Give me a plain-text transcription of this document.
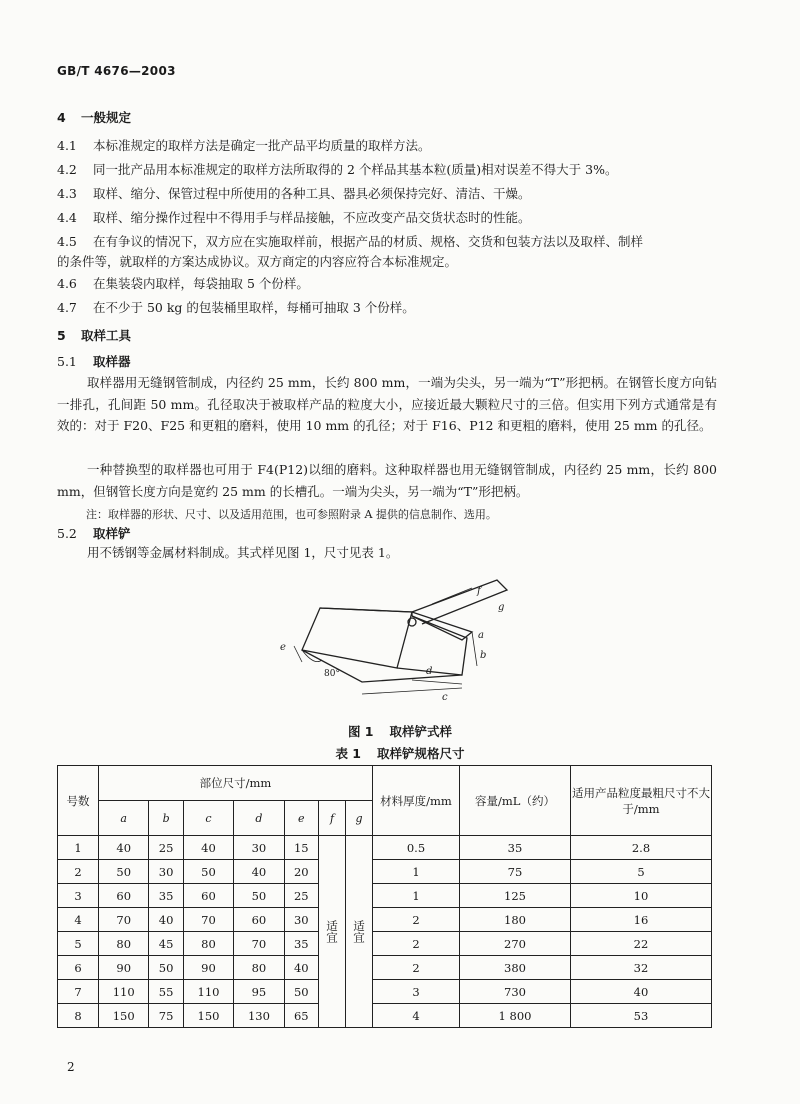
GB/T 4676—2003
4 一般规定
4.1 本标准规定的取样方法是确定一批产品平均质量的取样方法。
4.2 同一批产品用本标准规定的取样方法所取得的 2 个样品其基本粒(质量)相对误差不得大于 3%。
4.3 取样、缩分、保管过程中所使用的各种工具、器具必须保持完好、清洁、干燥。
4.4 取样、缩分操作过程中不得用手与样品接触，不应改变产品交货状态时的性能。
4.5 在有争议的情况下，双方应在实施取样前，根据产品的材质、规格、交货和包装方法以及取样、制样
的条件等，就取样的方案达成协议。双方商定的内容应符合本标准规定。
4.6 在集装袋内取样，每袋抽取 5 个份样。
4.7 在不少于 50 kg 的包装桶里取样，每桶可抽取 3 个份样。
5 取样工具
5.1 取样器
取样器用无缝钢管制成，内径约 25 mm，长约 800 mm，一端为尖头，另一端为“T”形把柄。在钢管长度方向钻一排孔，孔间距 50 mm。孔径取决于被取样产品的粒度大小，应接近最大颗粒尺寸的三倍。但实用下列方式通常是有效的：对于 F20、F25 和更粗的磨料，使用 10 mm 的孔径；对于 F16、P12 和更粗的磨料，使用 25 mm 的孔径。
一种替换型的取样器也可用于 F4(P12)以细的磨料。这种取样器也用无缝钢管制成，内径约 25 mm，长约 800 mm，但钢管长度方向是宽约 25 mm 的长槽孔。一端为尖头，另一端为“T”形把柄。
注：取样器的形状、尺寸、以及适用范围，也可参照附录 A 提供的信息制作、选用。
5.2 取样铲
用不锈钢等金属材料制成。其式样见图 1，尺寸见表 1。
f
g
a
b
c
d
e
80°
图 1 取样铲式样
表 1 取样铲规格尺寸
号数	部位尺寸/mm							材料厚度/mm	容量/mL（约）	适用产品粒度最粗尺寸不大于/mm
	a	b	c	d	e	f	g			
1	40	25	40	30	15	适宜	适宜	0.5	35	2.8
2	50	30	50	40	20			1	75	5
3	60	35	60	50	25			1	125	10
4	70	40	70	60	30			2	180	16
5	80	45	80	70	35			2	270	22
6	90	50	90	80	40			2	380	32
7	110	55	110	95	50			3	730	40
8	150	75	150	130	65			4	1 800	53
2
